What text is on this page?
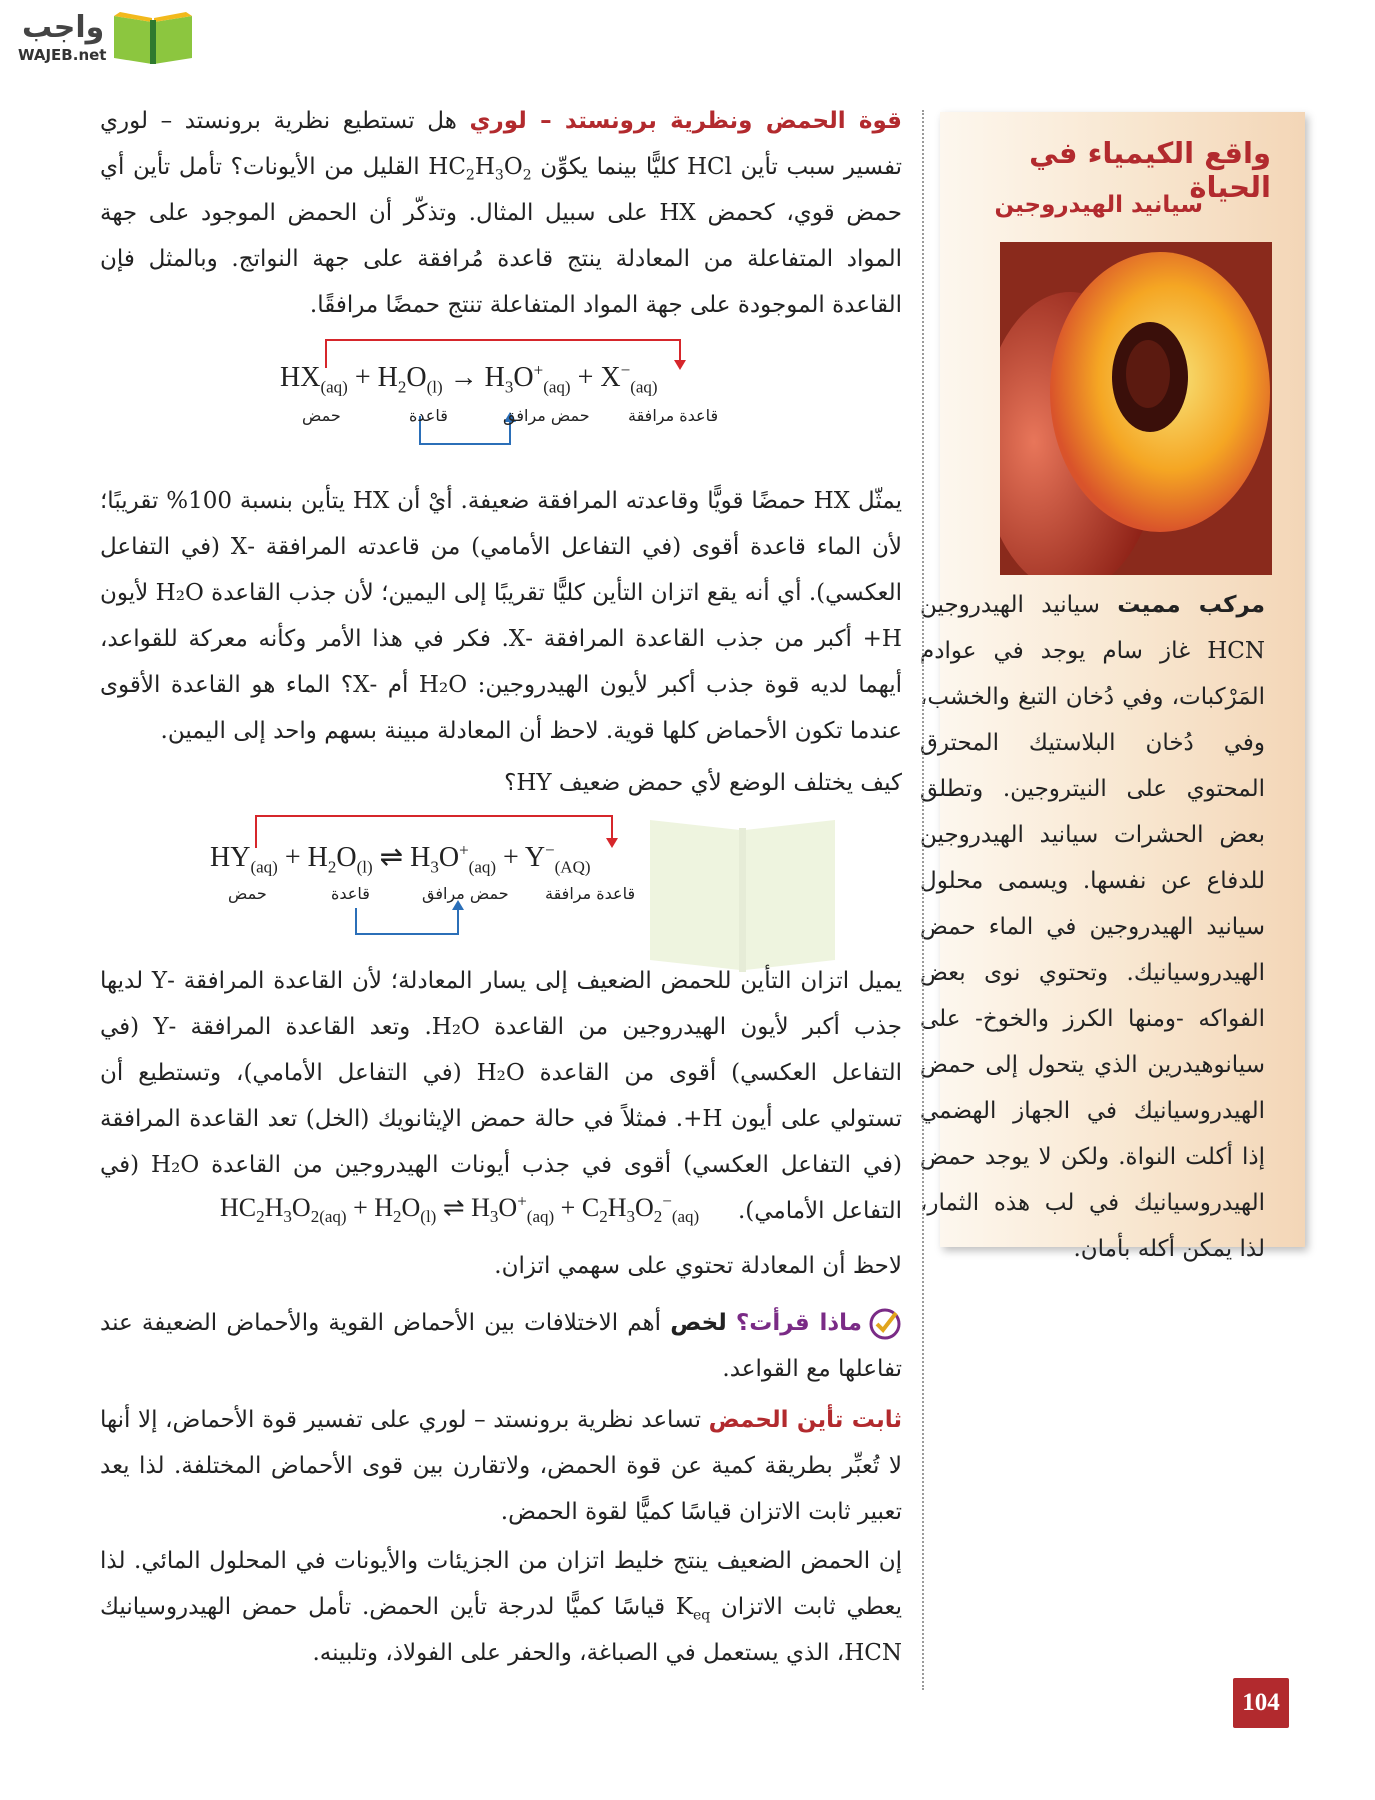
واجب
WAJEB.net
واقع الكيمياء في الحياة
سيانيد الهيدروجين
مركب مميت سيانيد الهيدروجين HCN غاز سام يوجد في عوادم المَرْكبات، وفي دُخان التبغ والخشب، وفي دُخان البلاستيك المحترق المحتوي على النيتروجين. وتطلق بعض الحشرات سيانيد الهيدروجين للدفاع عن نفسها. ويسمى محلول سيانيد الهيدروجين في الماء حمض الهيدروسيانيك. وتحتوي نوى بعض الفواكه -ومنها الكرز والخوخ- على سيانوهيدرين الذي يتحول إلى حمض الهيدروسيانيك في الجهاز الهضمي إذا أكلت النواة. ولكن لا يوجد حمض الهيدروسيانيك في لب هذه الثمار، لذا يمكن أكله بأمان.
قوة الحمض ونظرية برونستد – لوري هل تستطيع نظرية برونستد – لوري تفسير سبب تأين HCl كليًّا بينما يكوِّن $HC_2H_3O_2$ القليل من الأيونات؟ تأمل تأين أي حمض قوي، كحمض HX على سبيل المثال. وتذكّر أن الحمض الموجود على جهة المواد المتفاعلة من المعادلة ينتج قاعدة مُرافقة على جهة النواتج. وبالمثل فإن القاعدة الموجودة على جهة المواد المتفاعلة تنتج حمضًا مرافقًا.
$HX_{(aq)} + H_2O_{(l)} \to H_3O^+_{(aq)} + X^-_{(aq)}$
حمض	قاعدة	حمض مرافق قاعدة مرافقة
يمثّل HX حمضًا قويًّا وقاعدته المرافقة ضعيفة. أيْ أن HX يتأين بنسبة 100% تقريبًا؛ لأن الماء قاعدة أقوى (في التفاعل الأمامي) من قاعدته المرافقة ‑X (في التفاعل العكسي). أي أنه يقع اتزان التأين كليًّا تقريبًا إلى اليمين؛ لأن جذب القاعدة H₂O لأيون ‎+H أكبر من جذب القاعدة المرافقة ‑X. فكر في هذا الأمر وكأنه معركة للقواعد، أيهما لديه قوة جذب أكبر لأيون الهيدروجين: H₂O أم ‑X؟ الماء هو القاعدة الأقوى عندما تكون الأحماض كلها قوية. لاحظ أن المعادلة مبينة بسهم واحد إلى اليمين.
كيف يختلف الوضع لأي حمض ضعيف HY؟
$HY_{(aq)} + H_2O_{(l)}$ ⇌ $H_3O^+_{(aq)} + Y^-_{(AQ)}$
حمض	قاعدة	حمض مرافق قاعدة مرافقة
يميل اتزان التأين للحمض الضعيف إلى يسار المعادلة؛ لأن القاعدة المرافقة ‑Y لديها جذب أكبر لأيون الهيدروجين من القاعدة H₂O. وتعد القاعدة المرافقة ‑Y (في التفاعل العكسي) أقوى من القاعدة H₂O (في التفاعل الأمامي)، وتستطيع أن تستولي على أيون ‎+H. فمثلاً في حالة حمض الإيثانويك (الخل) تعد القاعدة المرافقة (في التفاعل العكسي) أقوى في جذب أيونات الهيدروجين من القاعدة H₂O (في التفاعل الأمامي).
$HC_2H_3O_{2(aq)} + H_2O_{(l)}$ ⇌ $H_3O^+_{(aq)} + C_2H_3O_2^-_{(aq)}$
لاحظ أن المعادلة تحتوي على سهمي اتزان.
ماذا قرأت؟ لخص أهم الاختلافات بين الأحماض القوية والأحماض الضعيفة عند تفاعلها مع القواعد.
ثابت تأين الحمض تساعد نظرية برونستد – لوري على تفسير قوة الأحماض، إلا أنها لا تُعبِّر بطريقة كمية عن قوة الحمض، ولاتقارن بين قوى الأحماض المختلفة. لذا يعد تعبير ثابت الاتزان قياسًا كميًّا لقوة الحمض.
إن الحمض الضعيف ينتج خليط اتزان من الجزيئات والأيونات في المحلول المائي. لذا يعطي ثابت الاتزان $K_{eq}$ قياسًا كميًّا لدرجة تأين الحمض. تأمل حمض الهيدروسيانيك HCN، الذي يستعمل في الصباغة، والحفر على الفولاذ، وتلبينه.
104
